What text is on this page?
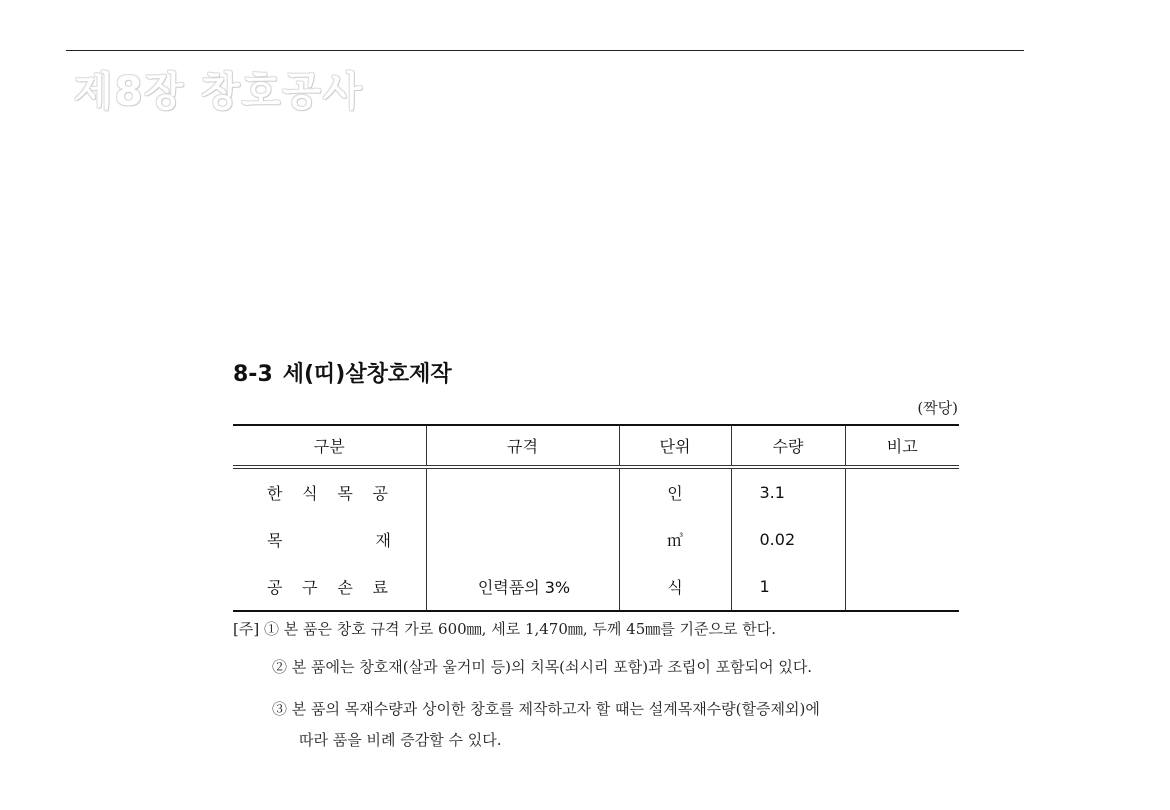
제8장 창호공사
8-3 세(띠)살창호제작
(짝당)
구분	규격	단위	수량	비고

한 식 목 공		인	3.1	

목 재		㎥	0.02	

공 구 손 료	인력품의 3%	식	1	
[주] ① 본 품은 창호 규격 가로 600㎜, 세로 1,470㎜, 두께 45㎜를 기준으로 한다.
② 본 품에는 창호재(살과 울거미 등)의 치목(쇠시리 포함)과 조립이 포함되어 있다.
③ 본 품의 목재수량과 상이한 창호를 제작하고자 할 때는 설계목재수량(할증제외)에
따라 품을 비례 증감할 수 있다.
